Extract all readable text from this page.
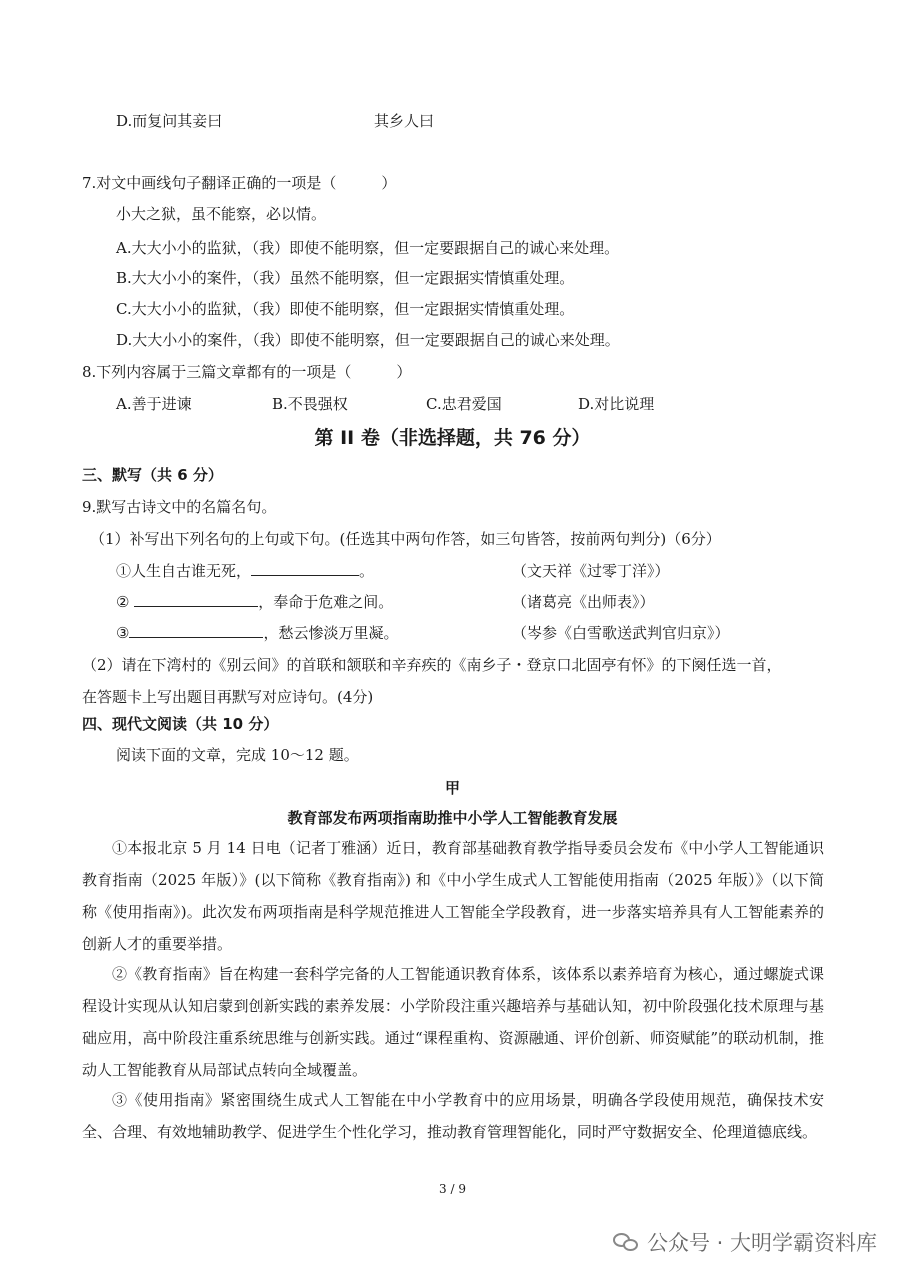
D.而复问其妾曰	其乡人曰
7.对文中画线句子翻译正确的一项是（　　　）
小大之狱，虽不能察，必以情。
A.大大小小的监狱，（我）即使不能明察，但一定要跟据自己的诚心来处理。
B.大大小小的案件，（我）虽然不能明察，但一定跟据实情慎重处理。
C.大大小小的监狱，（我）即使不能明察，但一定跟据实情慎重处理。
D.大大小小的案件，（我）即使不能明察，但一定要跟据自己的诚心来处理。
8.下列内容属于三篇文章都有的一项是（　　　）
A.善于进谏	B.不畏强权	C.忠君爱国	D.对比说理
第 II 卷（非选择题，共 76 分）
三、默写（共 6 分）
9.默写古诗文中的名篇名句。
（1）补写出下列名句的上句或下句。(任选其中两句作答，如三句皆答，按前两句判分)（6分）
①人生自古谁无死，	。	（文天祥《过零丁洋》）
②	，奉命于危难之间。	（诸葛亮《出师表》）
③	，愁云惨淡万里凝。	（岑参《白雪歌送武判官归京》）
（2）请在下湾村的《别云间》的首联和颔联和辛弃疾的《南乡子・登京口北固亭有怀》的下阕任选一首，
在答题卡上写出题目再默写对应诗句。(4分)
四、现代文阅读（共 10 分）
阅读下面的文章，完成 10～12 题。
甲
教育部发布两项指南助推中小学人工智能教育发展
①本报北京 5 月 14 日电（记者丁雅涵）近日，教育部基础教育教学指导委员会发布《中小学人工智能通识教育指南（2025 年版）》(以下简称《教育指南》) 和《中小学生成式人工智能使用指南（2025 年版）》（以下简称《使用指南》)。此次发布两项指南是科学规范推进人工智能全学段教育，进一步落实培养具有人工智能素养的创新人才的重要举措。
②《教育指南》旨在构建一套科学完备的人工智能通识教育体系，该体系以素养培育为核心，通过螺旋式课程设计实现从认知启蒙到创新实践的素养发展：小学阶段注重兴趣培养与基础认知，初中阶段强化技术原理与基础应用，高中阶段注重系统思维与创新实践。通过“课程重构、资源融通、评价创新、师资赋能”的联动机制，推动人工智能教育从局部试点转向全域覆盖。
③《使用指南》紧密围绕生成式人工智能在中小学教育中的应用场景，明确各学段使用规范，确保技术安全、合理、有效地辅助教学、促进学生个性化学习，推动教育管理智能化，同时严守数据安全、伦理道德底线。
3 / 9
公众号 · 大明学霸资料库
